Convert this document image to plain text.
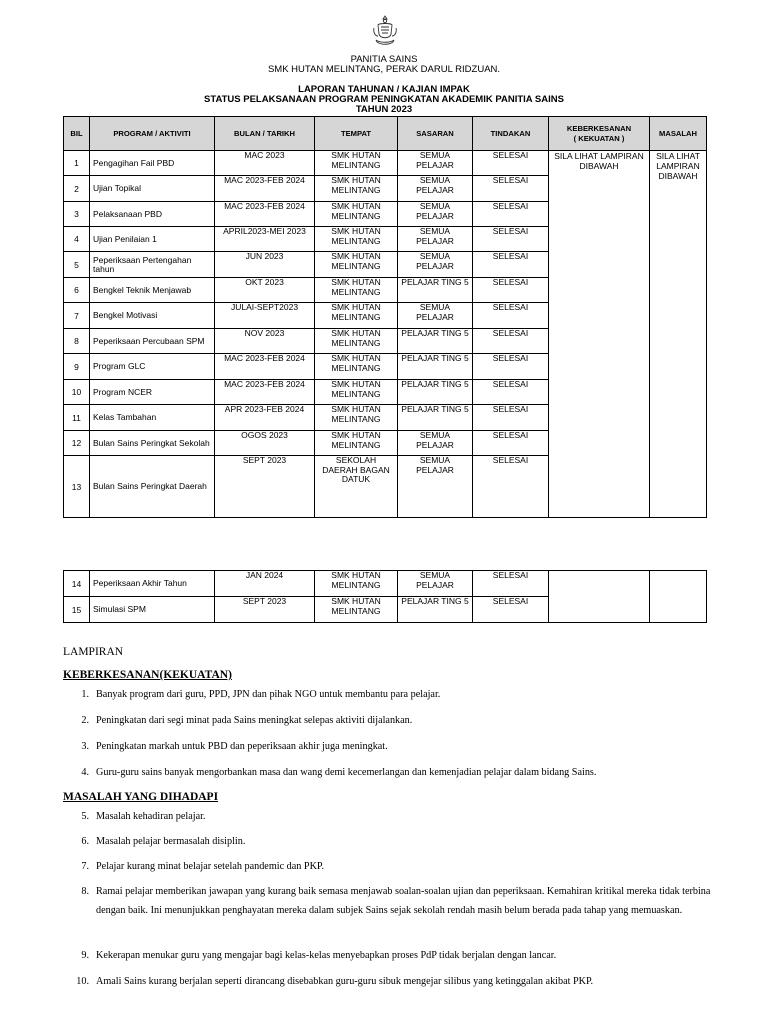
PANITIA SAINS
SMK HUTAN MELINTANG, PERAK DARUL RIDZUAN.
LAPORAN TAHUNAN / KAJIAN IMPAK
STATUS PELAKSANAAN PROGRAM PENINGKATAN AKADEMIK PANITIA SAINS
TAHUN 2023
BIL	PROGRAM / AKTIVITI	BULAN / TARIKH	TEMPAT	SASARAN	TINDAKAN	KEBERKESANAN
( KEKUATAN )	MASALAH
1	Pengagihan Fail PBD	MAC 2023	SMK HUTAN MELINTANG	SEMUA PELAJAR	SELESAI	SILA LIHAT LAMPIRAN DIBAWAH	SILA LIHAT LAMPIRAN DIBAWAH
2	Ujian Topikal	MAC 2023-FEB 2024	SMK HUTAN MELINTANG	SEMUA PELAJAR	SELESAI		
3	Pelaksanaan PBD	MAC 2023-FEB 2024	SMK HUTAN MELINTANG	SEMUA PELAJAR	SELESAI		
4	Ujian Penilaian 1	APRIL2023-MEI 2023	SMK HUTAN MELINTANG	SEMUA PELAJAR	SELESAI		
5	Peperiksaan Pertengahan tahun	JUN 2023	SMK HUTAN MELINTANG	SEMUA PELAJAR	SELESAI		
6	Bengkel Teknik Menjawab	OKT 2023	SMK HUTAN MELINTANG	PELAJAR TING 5	SELESAI		
7	Bengkel Motivasi	JULAI-SEPT2023	SMK HUTAN MELINTANG	SEMUA PELAJAR	SELESAI		
8	Peperiksaan Percubaan SPM	NOV 2023	SMK HUTAN MELINTANG	PELAJAR TING 5	SELESAI		
9	Program GLC	MAC 2023-FEB 2024	SMK HUTAN MELINTANG	PELAJAR TING 5	SELESAI		
10	Program NCER	MAC 2023-FEB 2024	SMK HUTAN MELINTANG	PELAJAR TING 5	SELESAI		
11	Kelas Tambahan	APR 2023-FEB 2024	SMK HUTAN MELINTANG	PELAJAR TING 5	SELESAI		
12	Bulan Sains Peringkat Sekolah	OGOS 2023	SMK HUTAN MELINTANG	SEMUA PELAJAR	SELESAI		
13	Bulan Sains Peringkat Daerah	SEPT 2023	SEKOLAH DAERAH BAGAN DATUK	SEMUA PELAJAR	SELESAI		
14	Peperiksaan Akhir Tahun	JAN 2024	SMK HUTAN MELINTANG	SEMUA PELAJAR	SELESAI		
15	Simulasi SPM	SEPT 2023	SMK HUTAN MELINTANG	PELAJAR TING 5	SELESAI		
LAMPIRAN
KEBERKESANAN(KEKUATAN)
1. Banyak program dari guru, PPD, JPN dan pihak NGO untuk membantu para pelajar.
2. Peningkatan dari segi minat pada Sains meningkat selepas aktiviti dijalankan.
3. Peningkatan markah untuk PBD dan peperiksaan akhir juga meningkat.
4. Guru-guru sains banyak mengorbankan masa dan wang demi kecemerlangan dan kemenjadian pelajar dalam bidang Sains.
MASALAH YANG DIHADAPI
5. Masalah kehadiran pelajar.
6. Masalah pelajar bermasalah disiplin.
7. Pelajar kurang minat belajar setelah pandemic dan PKP.
8. Ramai pelajar memberikan jawapan yang kurang baik semasa menjawab soalan-soalan ujian dan peperiksaan. Kemahiran kritikal mereka tidak terbina dengan baik. Ini menunjukkan penghayatan mereka dalam subjek Sains sejak sekolah rendah masih belum berada pada tahap yang memuaskan.
9. Kekerapan menukar guru yang mengajar bagi kelas-kelas menyebapkan proses PdP tidak berjalan dengan lancar.
10. Amali Sains kurang berjalan seperti dirancang disebabkan guru-guru sibuk mengejar silibus yang ketinggalan akibat PKP.
